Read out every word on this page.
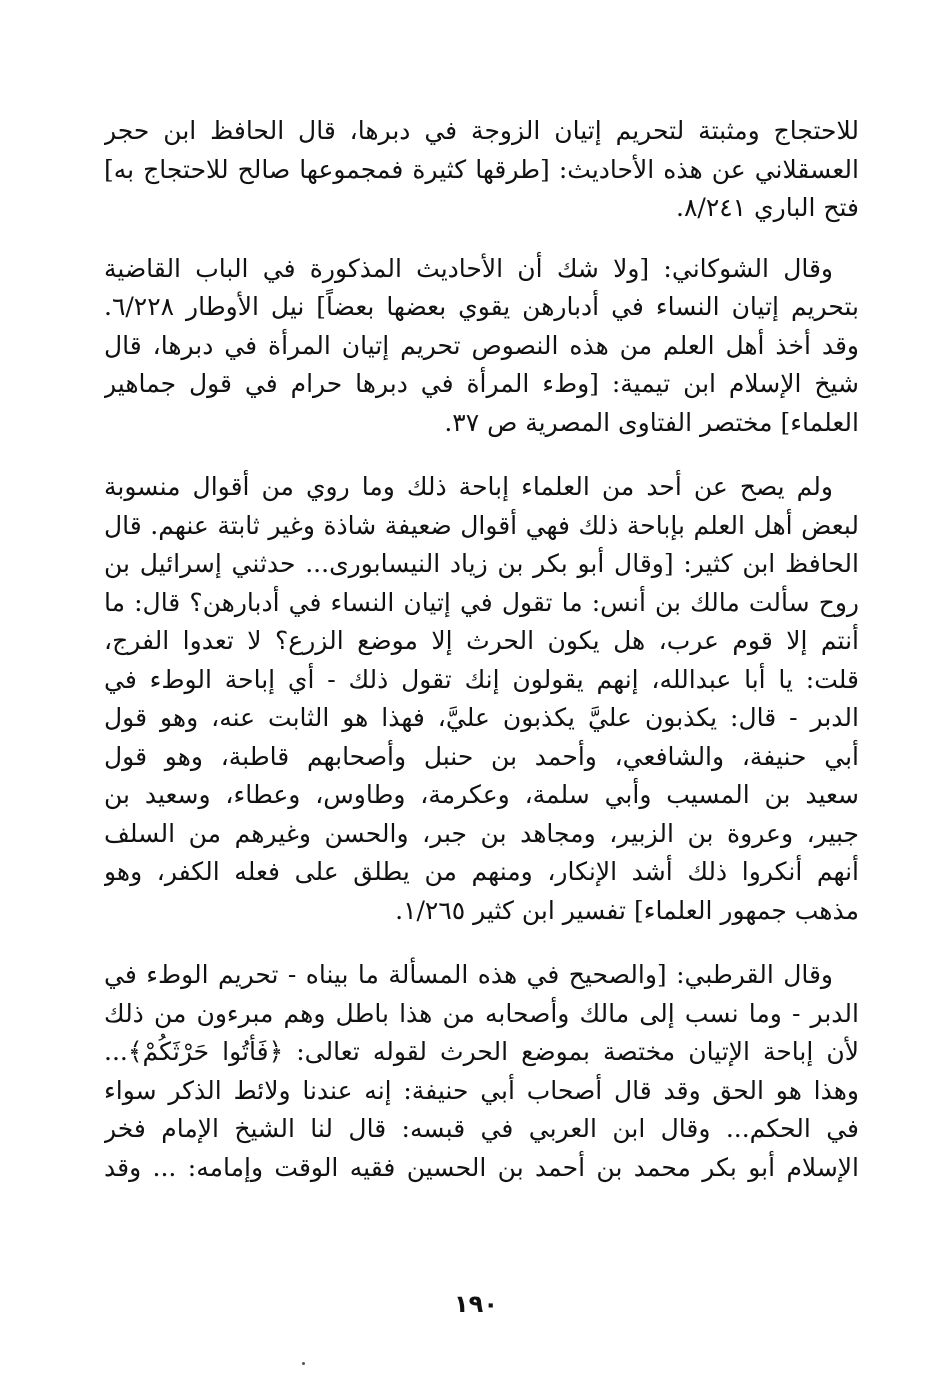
للاحتجاج ومثبتة لتحريم إتيان الزوجة في دبرها، قال الحافظ ابن حجر
العسقلاني عن هذه الأحاديث: [طرقها كثيرة فمجموعها صالح للاحتجاج به]
فتح الباري ٨/٢٤١.

وقال الشوكاني: [ولا شك أن الأحاديث المذكورة في الباب القاضية
بتحريم إتيان النساء في أدبارهن يقوي بعضها بعضاً] نيل الأوطار ٦/٢٢٨.
وقد أخذ أهل العلم من هذه النصوص تحريم إتيان المرأة في دبرها، قال
شيخ الإسلام ابن تيمية: [وطء المرأة في دبرها حرام في قول جماهير
العلماء] مختصر الفتاوى المصرية ص ٣٧.

ولم يصح عن أحد من العلماء إباحة ذلك وما روي من أقوال منسوبة
لبعض أهل العلم بإباحة ذلك فهي أقوال ضعيفة شاذة وغير ثابتة عنهم. قال
الحافظ ابن كثير: [وقال أبو بكر بن زياد النيسابورى... حدثني إسرائيل بن
روح سألت مالك بن أنس: ما تقول في إتيان النساء في أدبارهن؟ قال: ما
أنتم إلا قوم عرب، هل يكون الحرث إلا موضع الزرع؟ لا تعدوا الفرج،
قلت: يا أبا عبدالله، إنهم يقولون إنك تقول ذلك - أي إباحة الوطء في
الدبر - قال: يكذبون عليَّ يكذبون عليَّ، فهذا هو الثابت عنه، وهو قول
أبي حنيفة، والشافعي، وأحمد بن حنبل وأصحابهم قاطبة، وهو قول
سعيد بن المسيب وأبي سلمة، وعكرمة، وطاوس، وعطاء، وسعيد بن
جبير، وعروة بن الزبير، ومجاهد بن جبر، والحسن وغيرهم من السلف
أنهم أنكروا ذلك أشد الإنكار، ومنهم من يطلق على فعله الكفر، وهو
مذهب جمهور العلماء] تفسير ابن كثير ١/٢٦٥.

وقال القرطبي: [والصحيح في هذه المسألة ما بيناه - تحريم الوطء في
الدبر - وما نسب إلى مالك وأصحابه من هذا باطل وهم مبرءون من ذلك
لأن إباحة الإتيان مختصة بموضع الحرث لقوله تعالى: ﴿فَأْتُوا حَرْثَكُمْ﴾...
وهذا هو الحق وقد قال أصحاب أبي حنيفة: إنه عندنا ولائط الذكر سواء
في الحكم... وقال ابن العربي في قبسه: قال لنا الشيخ الإمام فخر
الإسلام أبو بكر محمد بن أحمد بن الحسين فقيه الوقت وإمامه: ... وقد

١٩٠
